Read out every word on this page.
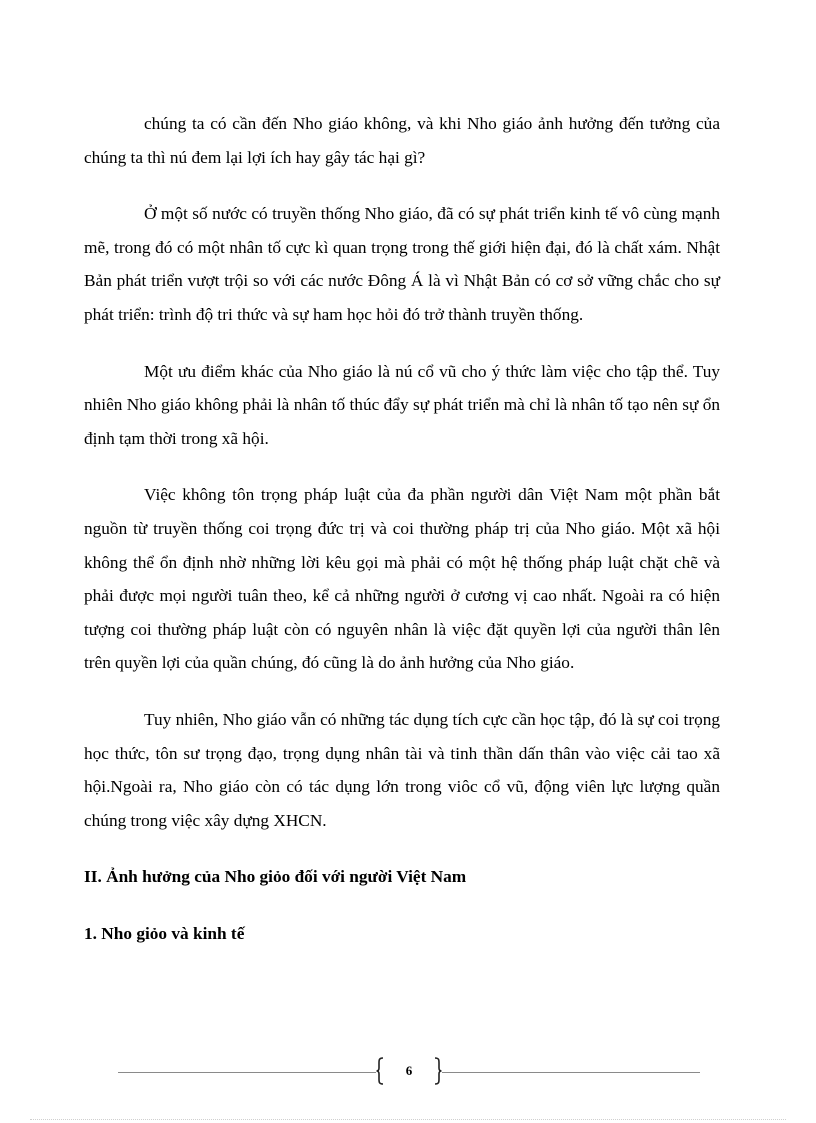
chúng ta có cần đến Nho giáo không, và khi Nho giáo ảnh hưởng đến tưởng của chúng ta thì nú đem lại lợi ích hay gây tác hại gì?

Ở một số nước có truyền thống Nho giáo, đã có sự phát triển kinh tế vô cùng mạnh mẽ, trong đó có một nhân tố cực kì quan trọng trong thế giới hiện đại, đó là chất xám. Nhật Bản phát triển vượt trội so với các nước Đông Á là vì Nhật Bản có cơ sở vững chắc cho sự phát triển: trình độ tri thức và sự ham học hỏi đó trở thành truyền thống.

Một ưu điểm khác của Nho giáo là nú cổ vũ cho ý thức làm việc cho tập thể. Tuy nhiên Nho giáo không phải là nhân tố thúc đẩy sự phát triển mà chỉ là nhân tố tạo nên sự ổn định tạm thời trong xã hội.

Việc không tôn trọng pháp luật của đa phần người dân Việt Nam một phần bắt nguồn từ truyền thống coi trọng đức trị và coi thường pháp trị của Nho giáo. Một xã hội không thể ổn định nhờ những lời kêu gọi mà phải có một hệ thống pháp luật chặt chẽ và phải được mọi người tuân theo, kể cả những người ở cương vị cao nhất. Ngoài ra có hiện tượng coi thường pháp luật còn có nguyên nhân là việc đặt quyền lợi của người thân lên trên quyền lợi của quần chúng, đó cũng là do ảnh hưởng của Nho giáo.

Tuy nhiên, Nho giáo vẫn có những tác dụng tích cực cần học tập, đó là sự coi trọng học thức, tôn sư trọng đạo, trọng dụng nhân tài và tinh thần dấn thân vào việc cải tao xã hội.Ngoài ra, Nho giáo còn có tác dụng lớn trong viôc cổ vũ, động viên lực lượng quần chúng trong việc xây dựng XHCN.

II. Ảnh hưởng của Nho giỏo đối với người Việt Nam

1. Nho giỏo và kinh tế

6
